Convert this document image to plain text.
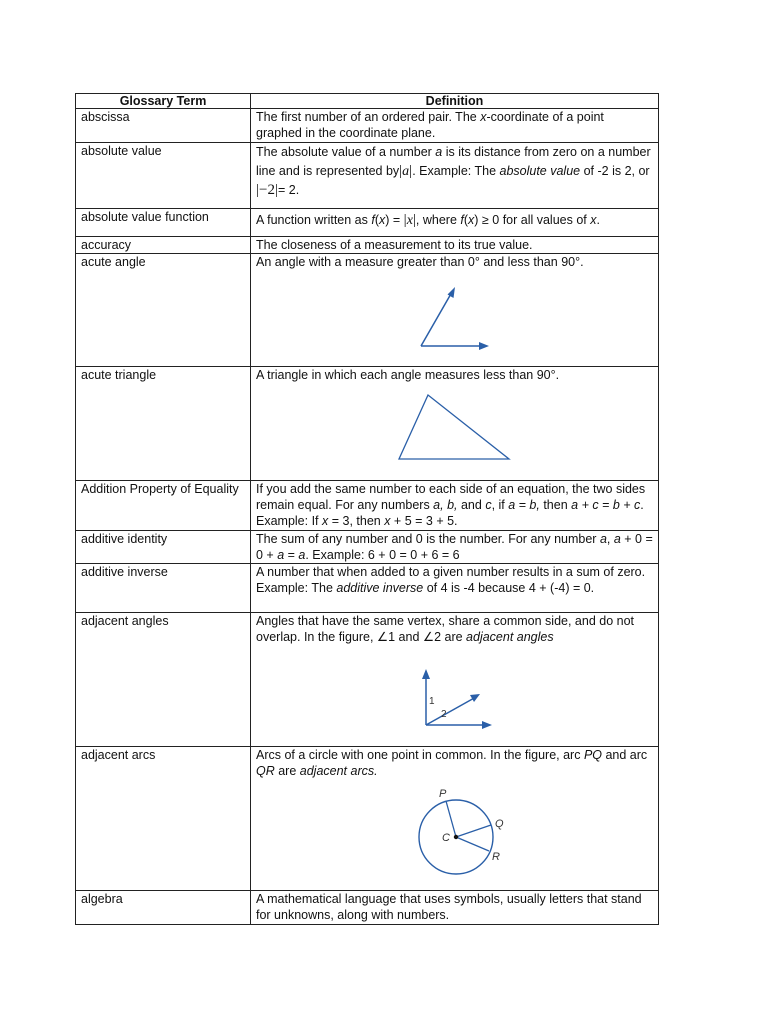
Glossary Term	Definition
abscissa	The first number of an ordered pair. The x-coordinate of a point graphed in the coordinate plane.
absolute value	The absolute value of a number a is its distance from zero on a number line and is represented by|a|. Example: The absolute value of -2 is 2, or |−2|= 2.
absolute value function	A function written as f(x) = |x|, where f(x) ≥ 0 for all values of x.
accuracy	The closeness of a measurement to its true value.
acute angle	An angle with a measure greater than 0° and less than 90°.

acute triangle	A triangle in which each angle measures less than 90°.

Addition Property of Equality	If you add the same number to each side of an equation, the two sides remain equal. For any numbers a, b, and c, if a = b, then a + c = b + c. Example: If x = 3, then x + 5 = 3 + 5.
additive identity	The sum of any number and 0 is the number. For any number a, a + 0 = 0 + a = a. Example: 6 + 0 = 0 + 6 = 6
additive inverse	A number that when added to a given number results in a sum of zero. Example: The additive inverse of 4 is -4 because 4 + (-4) = 0.
adjacent angles	Angles that have the same vertex, share a common side, and do not overlap. In the figure, ∠1 and ∠2 are adjacent angles
1
2

adjacent arcs	Arcs of a circle with one point in common. In the figure, arc PQ and arc QR are adjacent arcs.
P
Q
R
C

algebra	A mathematical language that uses symbols, usually letters that stand for unknowns, along with numbers.
